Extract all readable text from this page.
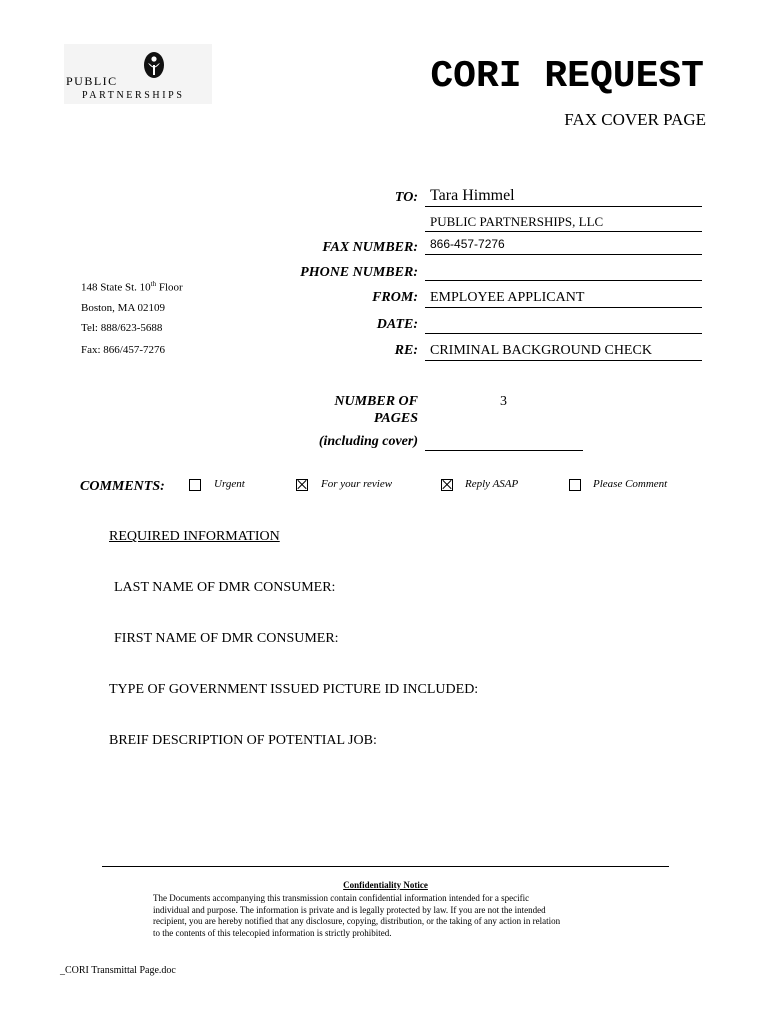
PUBLIC
PARTNERSHIPS	CORI REQUEST
FAX COVER PAGE
TO: Tara Himmel
PUBLIC PARTNERSHIPS, LLC
FAX NUMBER: 866-457-7276
PHONE NUMBER:
FROM: EMPLOYEE APPLICANT
DATE:
RE: CRIMINAL BACKGROUND CHECK
148 State St. 10th Floor
Boston, MA 02109
Tel: 888/623-5688
Fax: 866/457-7276
NUMBER OF
PAGES
(including cover)
3
COMMENTS:	Urgent	For your review	Reply ASAP	Please Comment
REQUIRED INFORMATION
LAST NAME OF DMR CONSUMER:
FIRST NAME OF DMR CONSUMER:
TYPE OF GOVERNMENT ISSUED PICTURE ID INCLUDED:
BREIF DESCRIPTION OF POTENTIAL JOB:
Confidentiality Notice
The Documents accompanying this transmission contain confidential information intended for a specific
individual and purpose. The information is private and is legally protected by law. If you are not the intended
recipient, you are hereby notified that any disclosure, copying, distribution, or the taking of any action in relation
to the contents of this telecopied information is strictly prohibited.
_CORI Transmittal Page.doc
